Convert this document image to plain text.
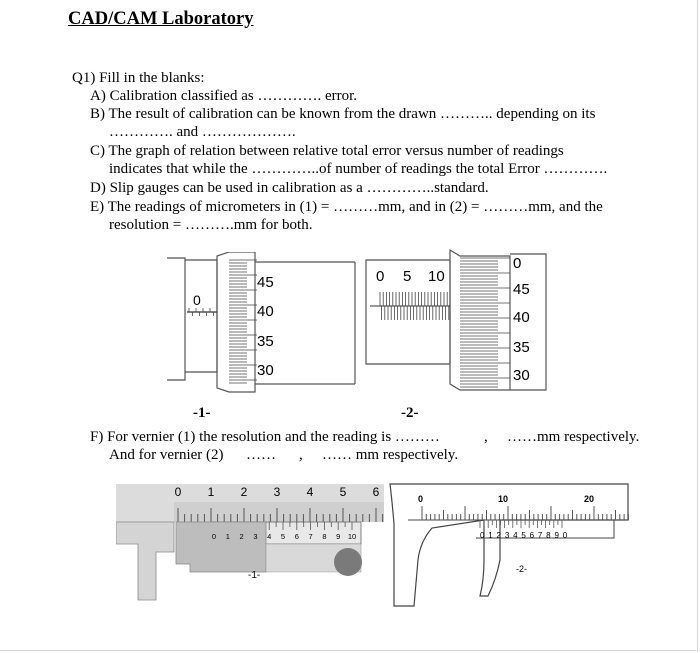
CAD/CAM Laboratory
Q1) Fill in the blanks:
A) Calibration classified as …………. error.
B) The result of calibration can be known from the drawn ……….. depending on its
…………. and ……………….
C) The graph of relation between relative total error versus number of readings
indicates that while the …………..of number of readings the total Error ………….
D) Slip gauges can be used in calibration as a …………..standard.
E) The readings of micrometers in (1) = ………mm, and in (2) = ………mm, and the
resolution = ……….mm for both.
0
45
40
35
30
0 5 10
0
45
40
35
30
-1-	-2-
F) For vernier (1) the resolution and the reading is ………	, ……mm respectively.
And for vernier (2) …… , …… mm respectively.
0 1 2 3 4 5 6
0 1 2 3 4 5 6 7 8 9 10
-1-
0	10	20
0 1 2 3 4 5 6 7 8 9 0
-2-
